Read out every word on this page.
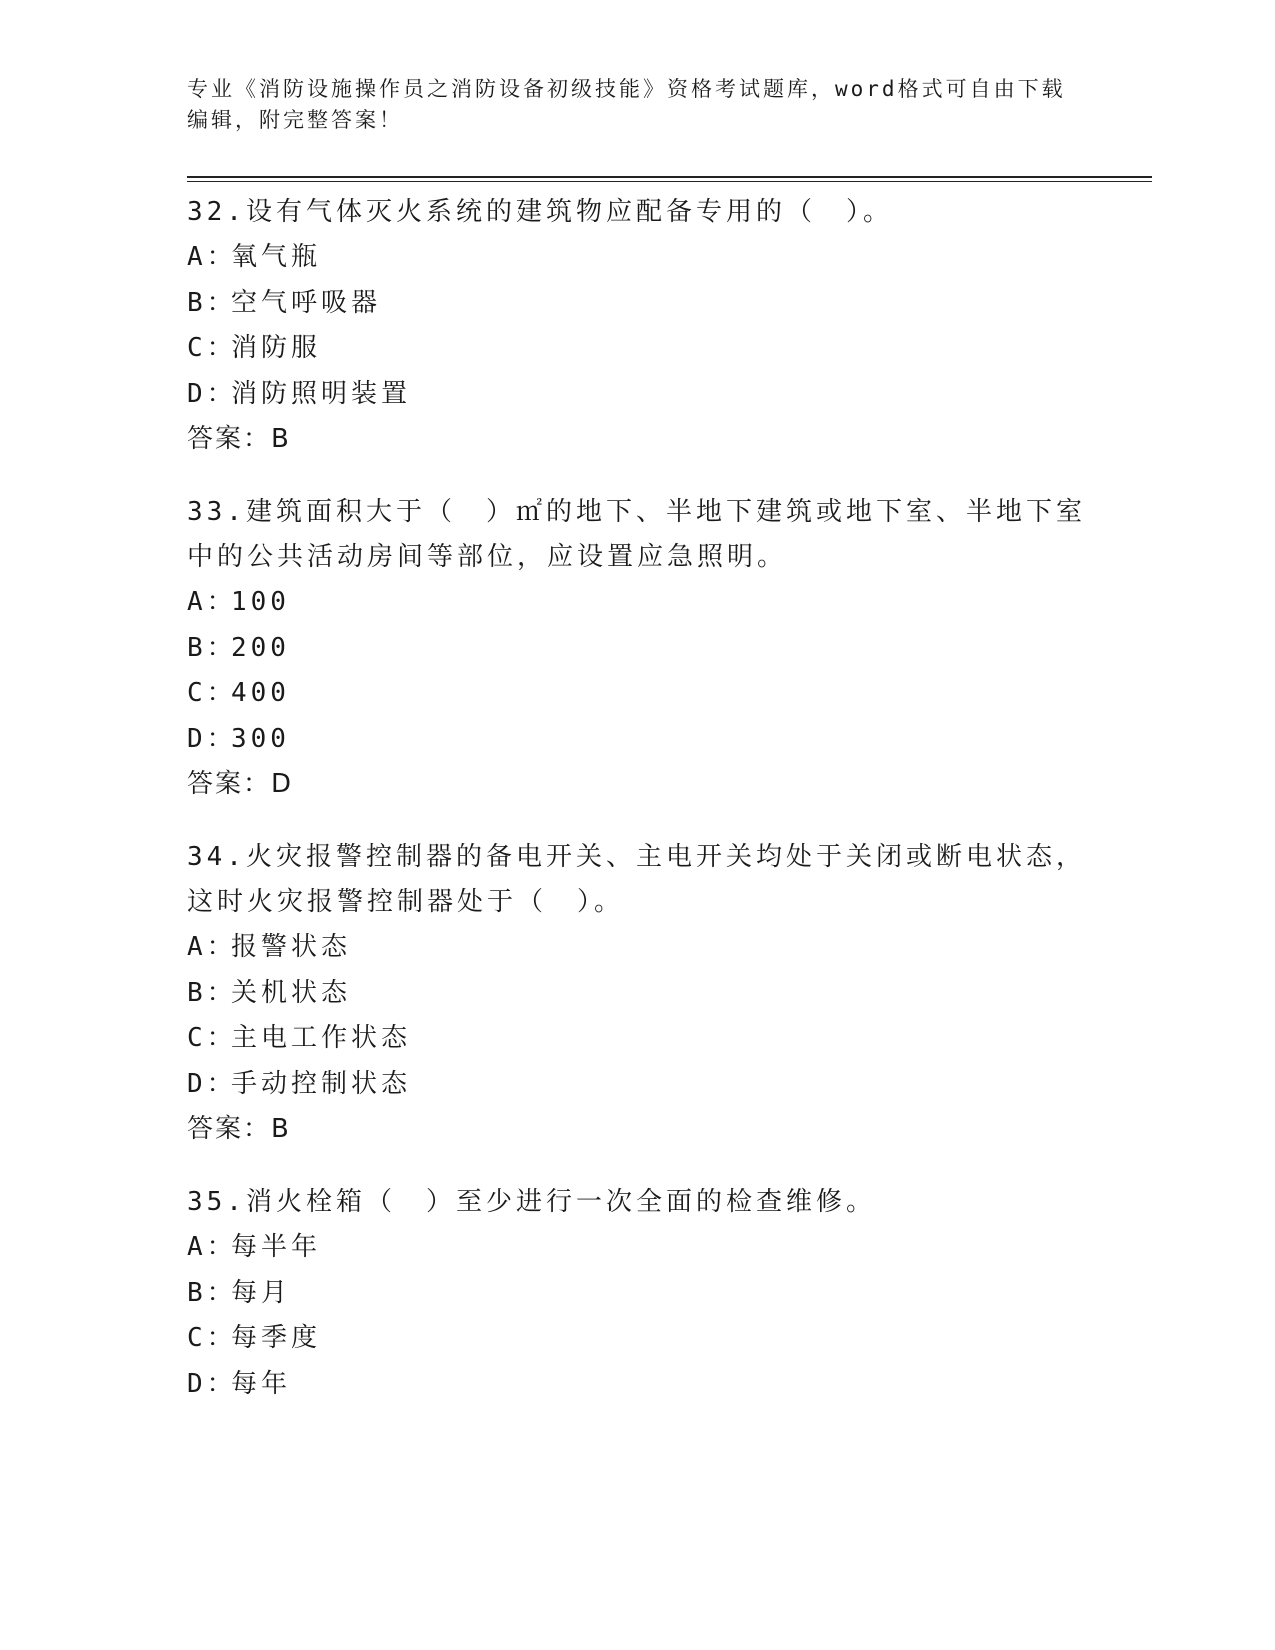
专业《消防设施操作员之消防设备初级技能》资格考试题库，word格式可自由下载编辑，附完整答案！

32.设有气体灭火系统的建筑物应配备专用的（　）。

A：
氧气瓶

B：
空气呼吸器

C：
消防服

D：
消防照明装置

答案：B

33.建筑面积大于（　）㎡的地下、半地下建筑或地下室、半地下室中的公共活动房间等部位，应设置应急照明。

A：
100

B：
200

C：
400

D：
300

答案：D

34.火灾报警控制器的备电开关、主电开关均处于关闭或断电状态，这时火灾报警控制器处于（　）。

A：
报警状态

B：
关机状态

C：
主电工作状态

D：
手动控制状态

答案：B

35.消火栓箱（　）至少进行一次全面的检查维修。

A：
每半年

B：
每月

C：
每季度

D：
每年
